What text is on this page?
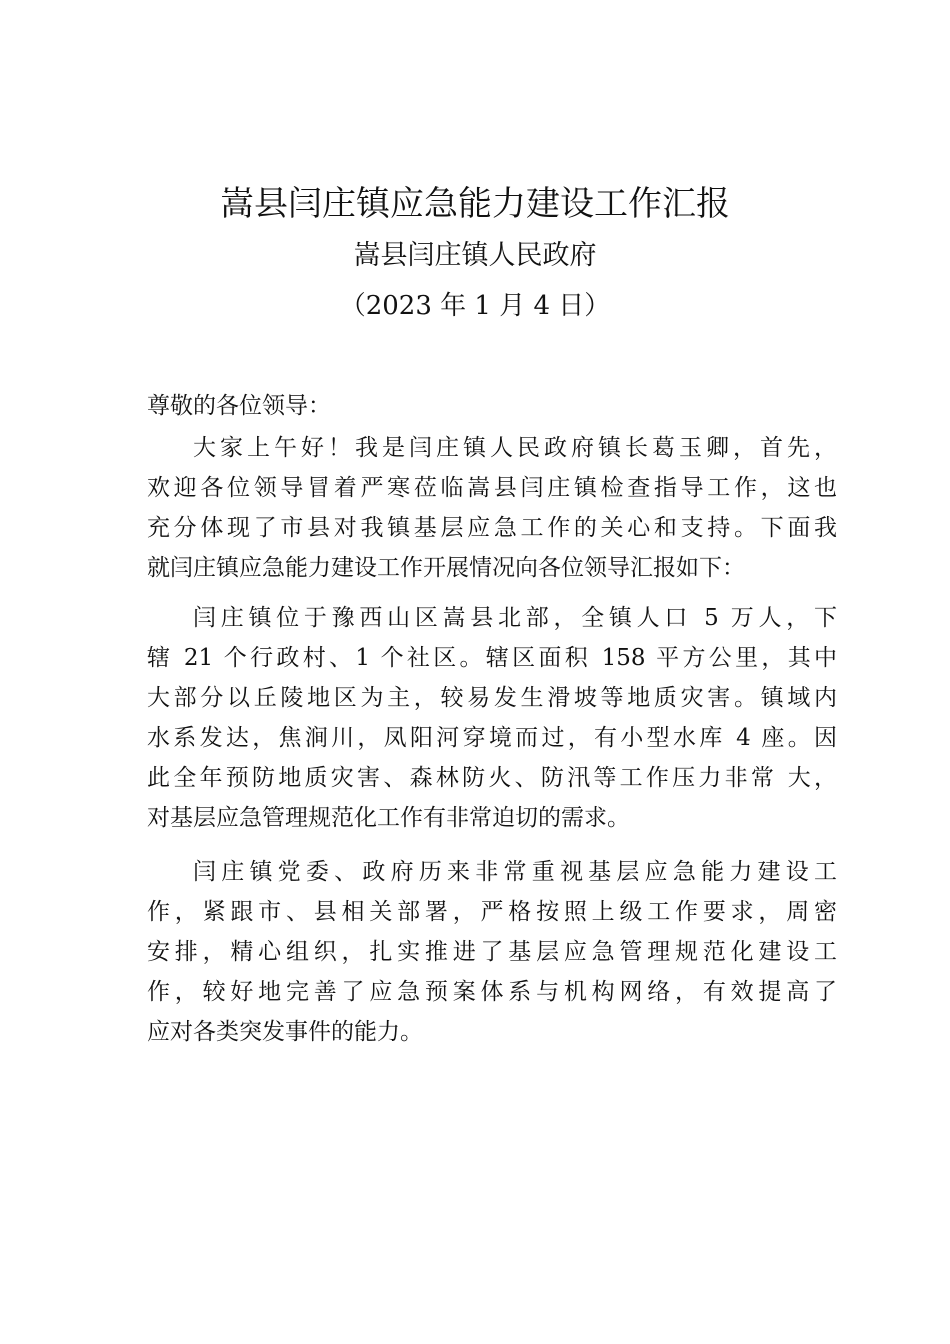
嵩县闫庄镇应急能力建设工作汇报
嵩县闫庄镇人民政府
（2023 年 1 月 4 日）
尊敬的各位领导：
大家上午好！我是闫庄镇人民政府镇长葛玉卿，首先，
欢迎各位领导冒着严寒莅临嵩县闫庄镇检查指导工作，这也
充分体现了市县对我镇基层应急工作的关心和支持。下面我
就闫庄镇应急能力建设工作开展情况向各位领导汇报如下：
闫庄镇位于豫西山区嵩县北部，全镇人口 5 万人，下
辖 21 个行政村、1 个社区。辖区面积 158 平方公里，其中
大部分以丘陵地区为主，较易发生滑坡等地质灾害。镇域内
水系发达，焦涧川，凤阳河穿境而过，有小型水库 4 座。因
此全年预防地质灾害、森林防火、防汛等工作压力非常 大，
对基层应急管理规范化工作有非常迫切的需求。
闫庄镇党委、政府历来非常重视基层应急能力建设工
作，紧跟市、县相关部署，严格按照上级工作要求，周密
安排，精心组织，扎实推进了基层应急管理规范化建设工
作，较好地完善了应急预案体系与机构网络，有效提高了
应对各类突发事件的能力。
